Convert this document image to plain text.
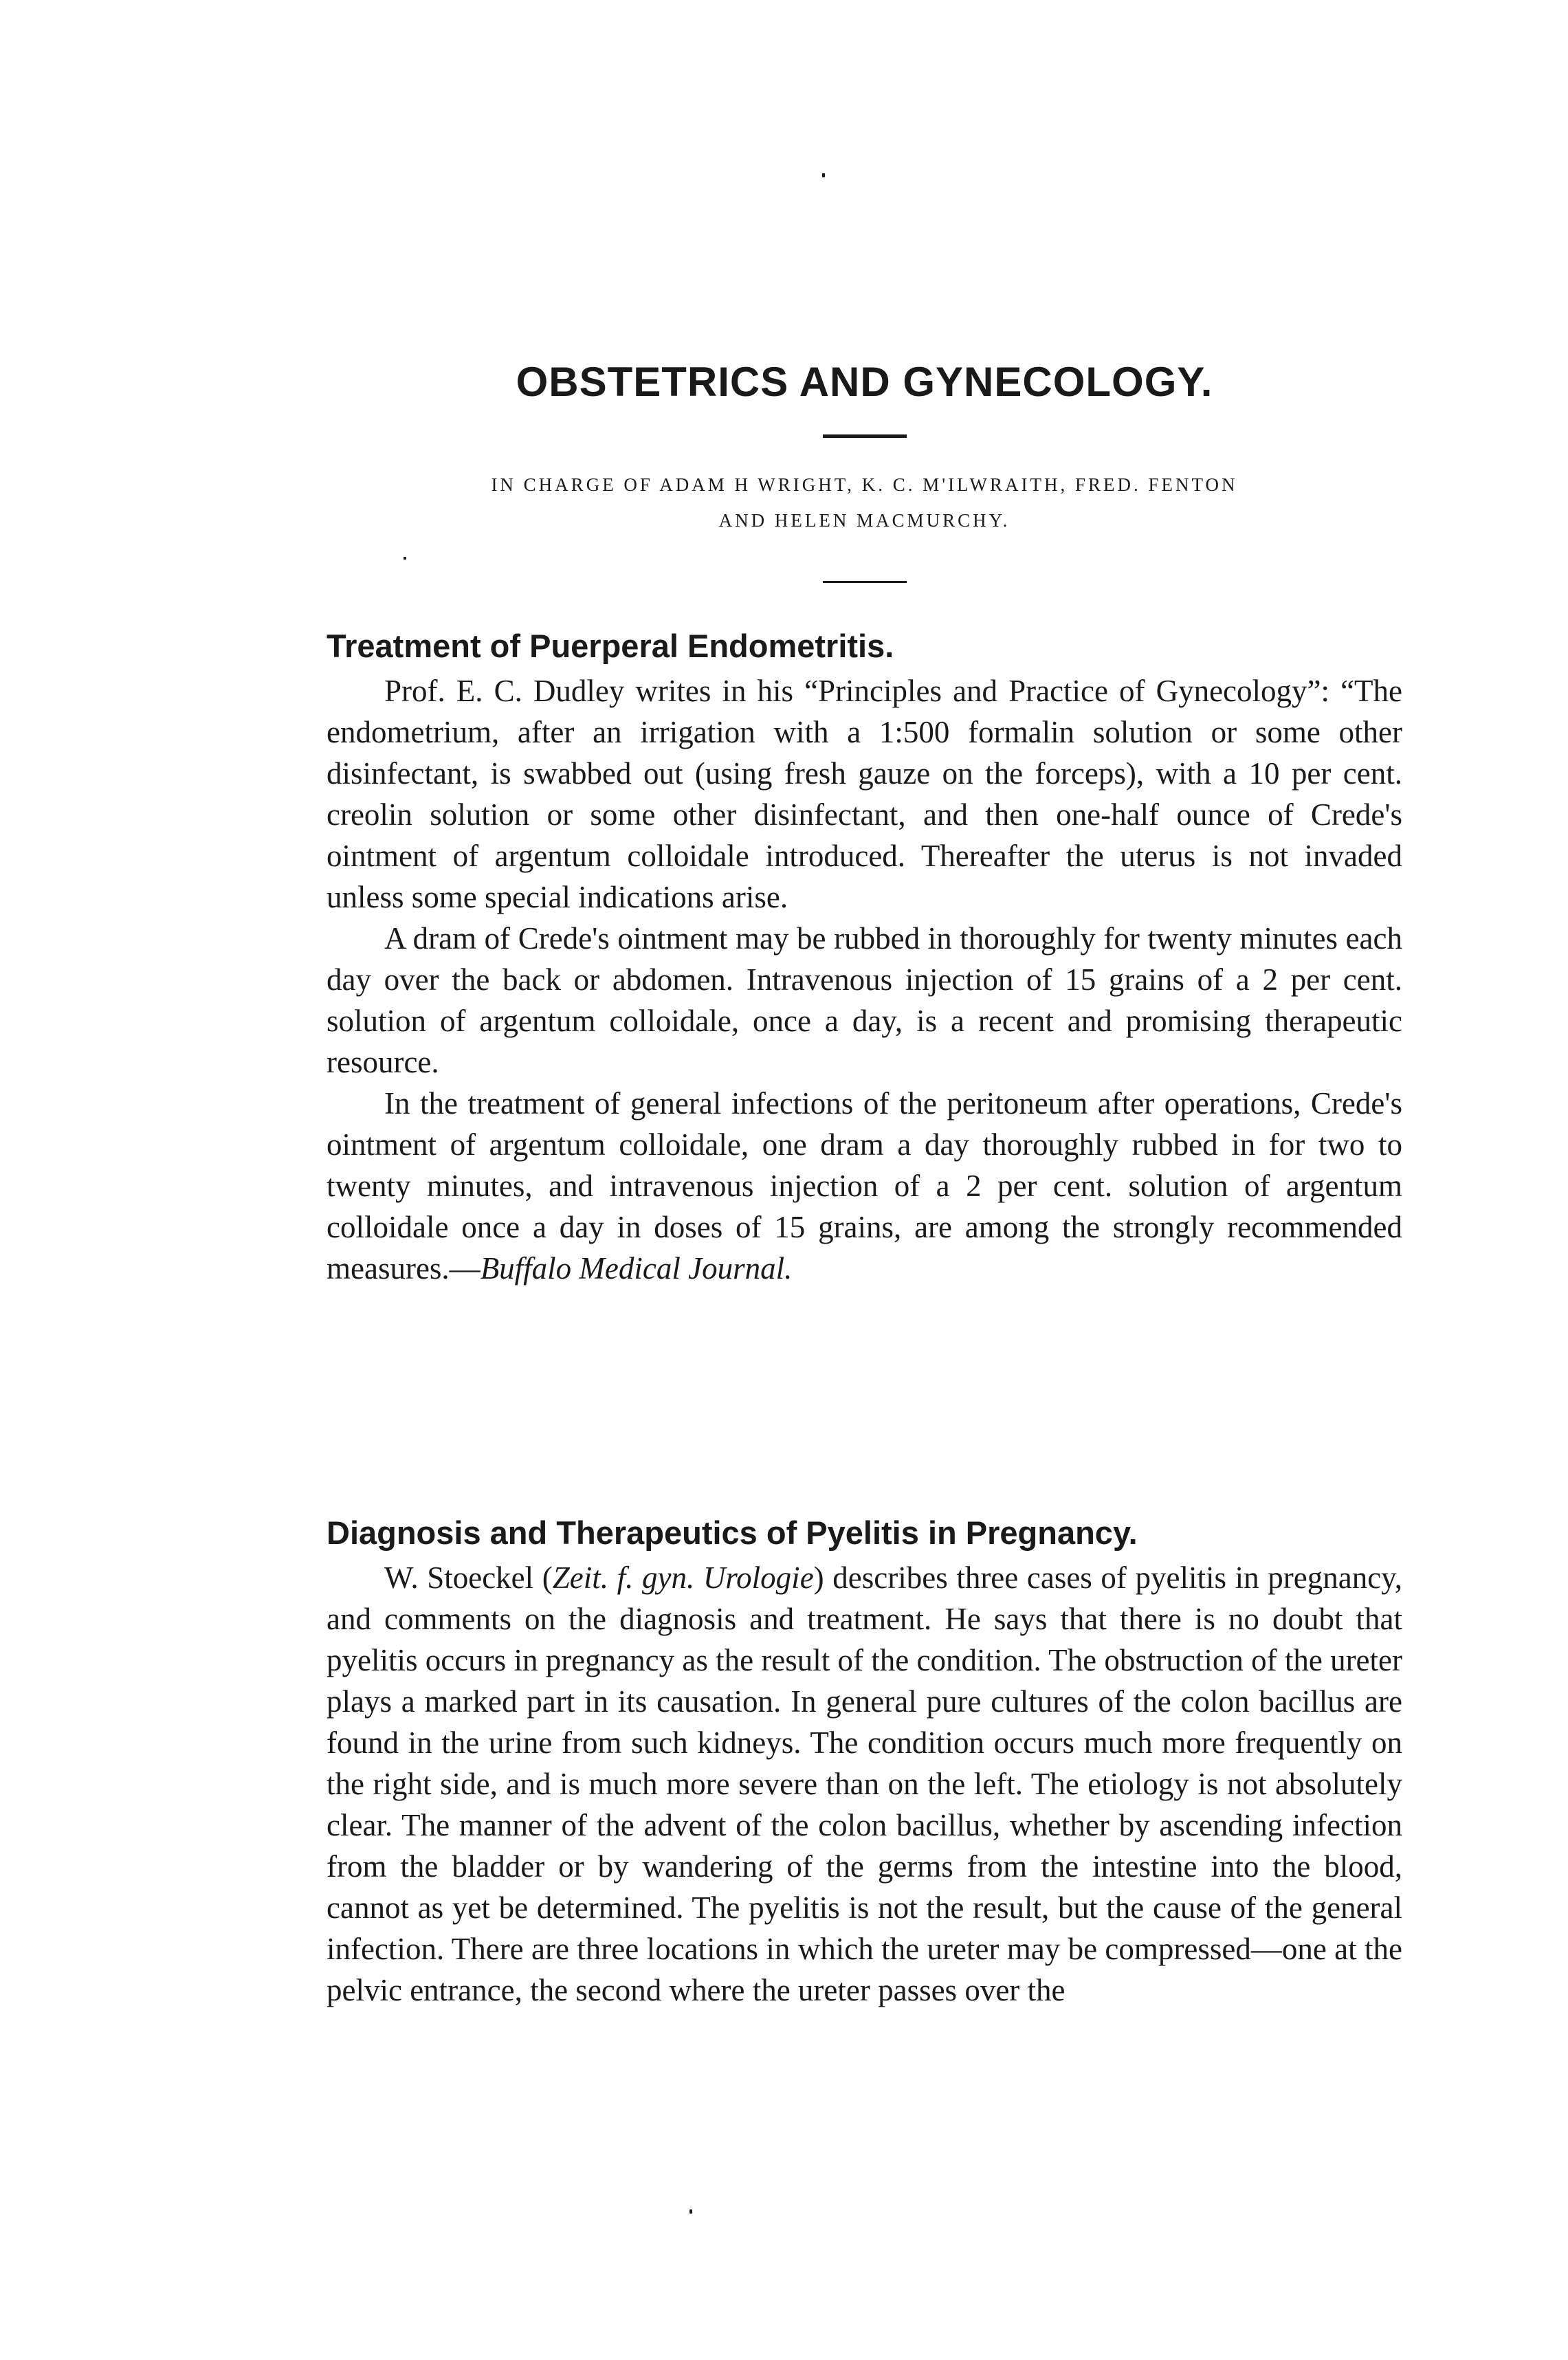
OBSTETRICS AND GYNECOLOGY.
IN CHARGE OF ADAM H WRIGHT, K. C. M'ILWRAITH, FRED. FENTON
AND HELEN MACMURCHY.
Treatment of Puerperal Endometritis.

Prof. E. C. Dudley writes in his “Principles and Practice of Gynecology”: “The endometrium, after an irrigation with a 1:500 formalin solution or some other disinfectant, is swabbed out (using fresh gauze on the forceps), with a 10 per cent. creolin solution or some other disinfectant, and then one-half ounce of Crede's ointment of argentum colloidale introduced. Thereafter the uterus is not invaded unless some special indications arise.

A dram of Crede's ointment may be rubbed in thoroughly for twenty minutes each day over the back or abdomen. Intravenous injection of 15 grains of a 2 per cent. solution of argentum colloidale, once a day, is a recent and promising therapeutic resource.

In the treatment of general infections of the peritoneum after operations, Crede's ointment of argentum colloidale, one dram a day thoroughly rubbed in for two to twenty minutes, and intravenous injection of a 2 per cent. solution of argentum colloidale once a day in doses of 15 grains, are among the strongly recommended measures.—Buffalo Medical Journal.

Diagnosis and Therapeutics of Pyelitis in Pregnancy.

W. Stoeckel (Zeit. f. gyn. Urologie) describes three cases of pyelitis in pregnancy, and comments on the diagnosis and treatment. He says that there is no doubt that pyelitis occurs in pregnancy as the result of the condition. The obstruction of the ureter plays a marked part in its causation. In general pure cultures of the colon bacillus are found in the urine from such kidneys. The condition occurs much more frequently on the right side, and is much more severe than on the left. The etiology is not absolutely clear. The manner of the advent of the colon bacillus, whether by ascending infection from the bladder or by wandering of the germs from the intestine into the blood, cannot as yet be determined. The pyelitis is not the result, but the cause of the general infection. There are three locations in which the ureter may be compressed—one at the pelvic entrance, the second where the ureter passes over the
